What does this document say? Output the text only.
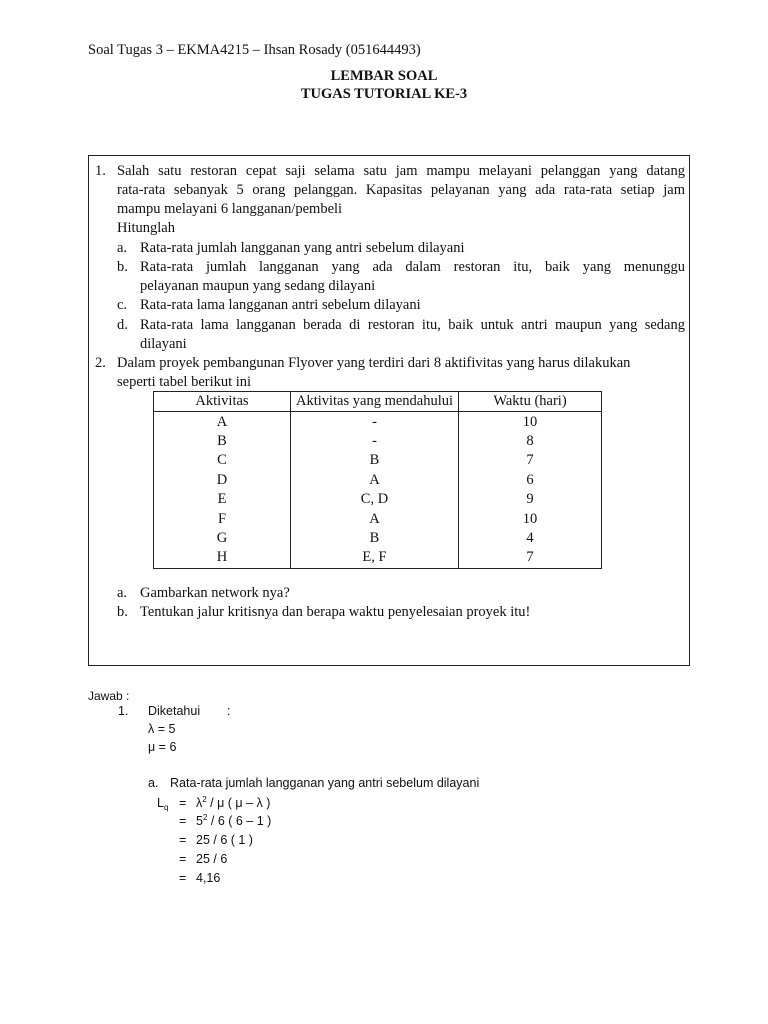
Soal Tugas 3 – EKMA4215 – Ihsan Rosady (051644493)
LEMBAR SOAL
TUGAS TUTORIAL KE-3
1. Salah satu restoran cepat saji selama satu jam mampu melayani pelanggan yang datang
rata-rata sebanyak 5 orang pelanggan. Kapasitas pelayanan yang ada rata-rata setiap jam
mampu melayani 6 langganan/pembeli
Hitunglah
a. Rata-rata jumlah langganan yang antri sebelum dilayani
b. Rata-rata jumlah langganan yang ada dalam restoran itu, baik yang menunggu
pelayanan maupun yang sedang dilayani
c. Rata-rata lama langganan antri sebelum dilayani
d. Rata-rata lama langganan berada di restoran itu, baik untuk antri maupun yang sedang
dilayani
2. Dalam proyek pembangunan Flyover yang terdiri dari 8 aktifivitas yang harus dilakukan
seperti tabel berikut ini
Aktivitas	Aktivitas yang mendahului	Waktu (hari)
A	-	10
B	-	8
C	B	7
D	A	6
E	C, D	9
F	A	10
G	B	4
H	E, F	7
a. Gambarkan network nya?
b. Tentukan jalur kritisnya dan berapa waktu penyelesaian proyek itu!
Jawab :
1. Diketahui :
λ = 5
μ = 6
a. Rata-rata jumlah langganan yang antri sebelum dilayani
$L_q = \lambda^2 / \mu$ ( μ – λ )
= $5^2 / 6$ ( 6 – 1 )
= 25 / 6 ( 1 )
= 25 / 6
= 4,16
